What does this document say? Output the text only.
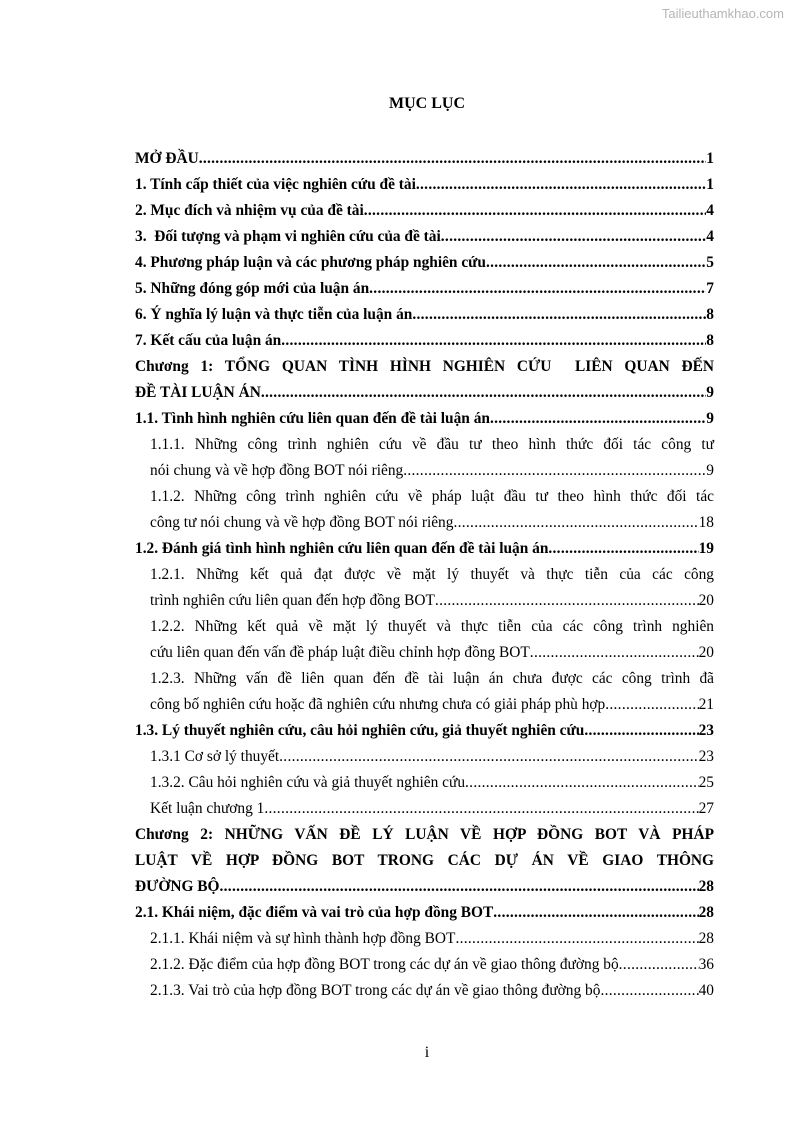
Tailieuthamkhao.com
MỤC LỤC
MỞ ĐẦU .....	1
1. Tính cấp thiết của việc nghiên cứu đề tài .....	1
2. Mục đích và nhiệm vụ của đề tài .....	4
3.  Đối tượng và phạm vi nghiên cứu của đề tài .....	4
4. Phương pháp luận và các phương pháp nghiên cứu .....	5
5. Những đóng góp mới của luận án .....	7
6. Ý nghĩa lý luận và thực tiễn của luận án .....	8
7. Kết cấu của luận án .....	8
Chương 1: TỔNG QUAN TÌNH HÌNH NGHIÊN CỨU  LIÊN QUAN ĐẾN
ĐỀ TÀI LUẬN ÁN .....	9
1.1. Tình hình nghiên cứu liên quan đến đề tài luận án .....	9
1.1.1. Những công trình nghiên cứu về đầu tư theo hình thức đối tác công tư
nói chung và về hợp đồng BOT nói riêng .....	9
1.1.2. Những công trình nghiên cứu về pháp luật đầu tư theo hình thức đối tác
công tư nói chung và về hợp đồng BOT nói riêng .....	18
1.2. Đánh giá tình hình nghiên cứu liên quan đến đề tài luận án .....	19
1.2.1. Những kết quả đạt được về mặt lý thuyết và thực tiễn của các công
trình nghiên cứu liên quan đến hợp đồng BOT .....	20
1.2.2. Những kết quả về mặt lý thuyết và thực tiễn của các công trình nghiên
cứu liên quan đến vấn đề pháp luật điều chỉnh hợp đồng BOT .....	20
1.2.3. Những vấn đề liên quan đến đề tài luận án chưa được các công trình đã
công bố nghiên cứu hoặc đã nghiên cứu nhưng chưa có giải pháp phù hợp .....	21
1.3. Lý thuyết nghiên cứu, câu hỏi nghiên cứu, giả thuyết nghiên cứu .....	23
1.3.1 Cơ sở lý thuyết .....	23
1.3.2. Câu hỏi nghiên cứu và giả thuyết nghiên cứu .....	25
Kết luận chương 1 .....	27
Chương 2: NHỮNG VẤN ĐỀ LÝ LUẬN VỀ HỢP ĐỒNG BOT VÀ PHÁP
LUẬT VỀ HỢP ĐỒNG BOT TRONG CÁC DỰ ÁN VỀ GIAO THÔNG
ĐƯỜNG BỘ .....	28
2.1. Khái niệm, đặc điểm và vai trò của hợp đồng BOT .....	28
2.1.1. Khái niệm và sự hình thành hợp đồng BOT .....	28
2.1.2. Đặc điểm của hợp đồng BOT trong các dự án về giao thông đường bộ .....	36
2.1.3. Vai trò của hợp đồng BOT trong các dự án về giao thông đường bộ .....	40
i
